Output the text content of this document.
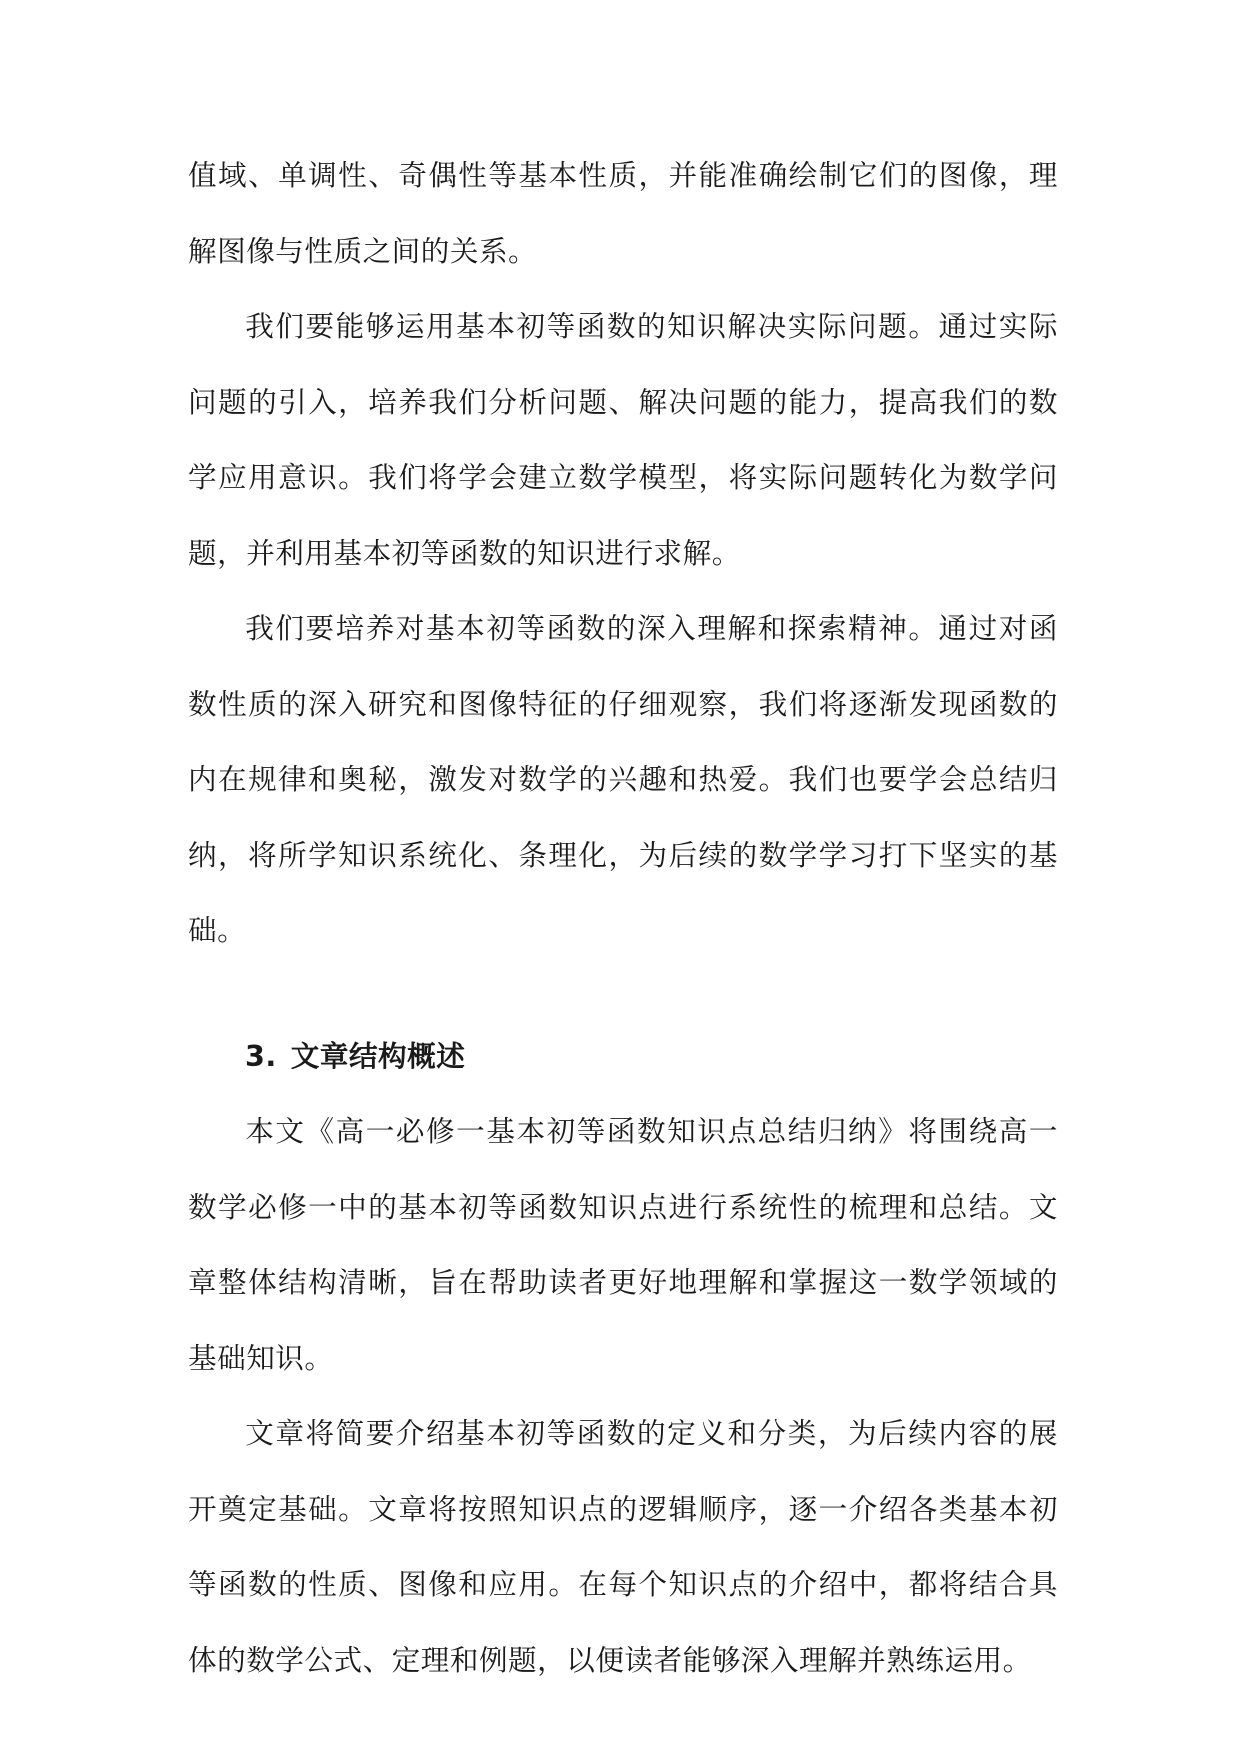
值域、单调性、奇偶性等基本性质，并能准确绘制它们的图像，理解图像与性质之间的关系。

我们要能够运用基本初等函数的知识解决实际问题。通过实际问题的引入，培养我们分析问题、解决问题的能力，提高我们的数学应用意识。我们将学会建立数学模型，将实际问题转化为数学问题，并利用基本初等函数的知识进行求解。

我们要培养对基本初等函数的深入理解和探索精神。通过对函数性质的深入研究和图像特征的仔细观察，我们将逐渐发现函数的内在规律和奥秘，激发对数学的兴趣和热爱。我们也要学会总结归纳，将所学知识系统化、条理化，为后续的数学学习打下坚实的基础。

3. 文章结构概述

本文《高一必修一基本初等函数知识点总结归纳》将围绕高一数学必修一中的基本初等函数知识点进行系统性的梳理和总结。文章整体结构清晰，旨在帮助读者更好地理解和掌握这一数学领域的基础知识。

文章将简要介绍基本初等函数的定义和分类，为后续内容的展开奠定基础。文章将按照知识点的逻辑顺序，逐一介绍各类基本初等函数的性质、图像和应用。在每个知识点的介绍中，都将结合具体的数学公式、定理和例题，以便读者能够深入理解并熟练运用。
